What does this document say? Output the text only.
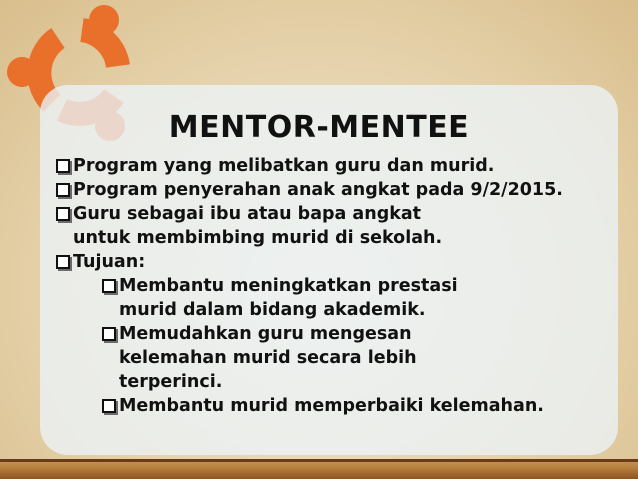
MENTOR-MENTEE
Program yang melibatkan guru dan murid.
Program penyerahan anak angkat pada 9/2/2015.
Guru sebagai ibu atau bapa angkat untuk membimbing murid di sekolah.
Tujuan:
Membantu meningkatkan prestasi murid dalam bidang akademik.
Memudahkan guru mengesan kelemahan murid secara lebih terperinci.
Membantu murid memperbaiki kelemahan.
